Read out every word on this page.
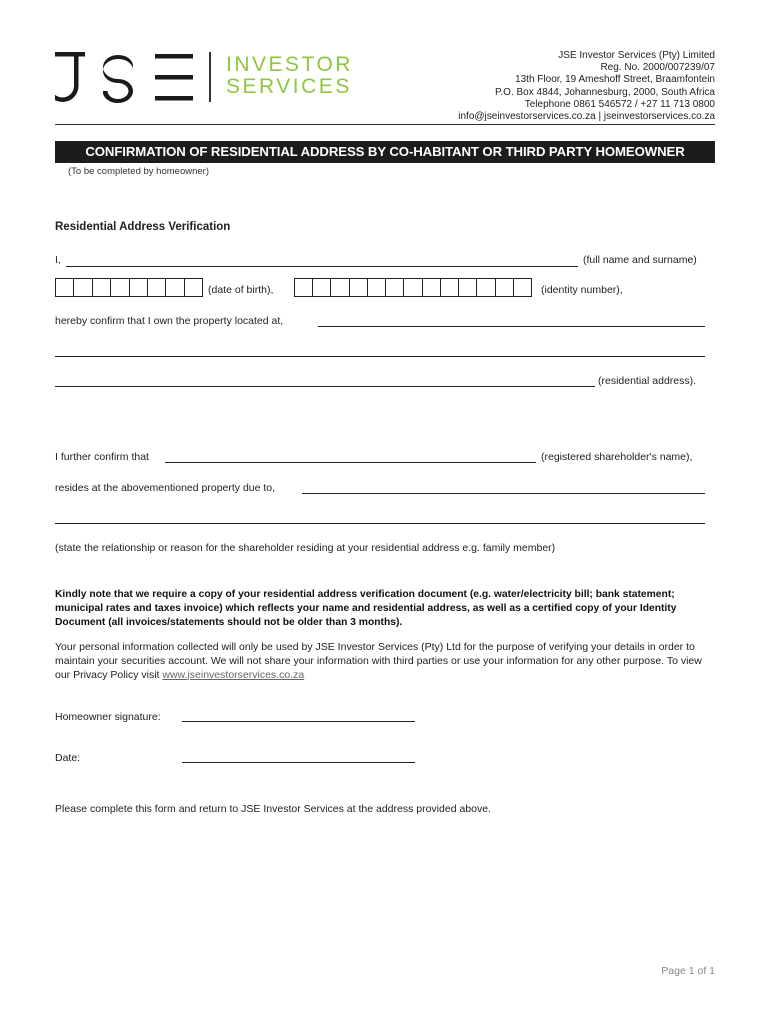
INVESTOR
SERVICES
JSE Investor Services (Pty) Limited
Reg. No. 2000/007239/07
13th Floor, 19 Ameshoff Street, Braamfontein
P.O. Box 4844, Johannesburg, 2000, South Africa
Telephone 0861 546572 / +27 11 713 0800
info@jseinvestorservices.co.za | jseinvestorservices.co.za
CONFIRMATION OF RESIDENTIAL ADDRESS BY CO-HABITANT OR THIRD PARTY HOMEOWNER
(To be completed by homeowner)
Residential Address Verification
I,	(full name and surname)
(date of birth),	(identity number),
hereby confirm that I own the property located at,
(residential address).
I further confirm that	(registered shareholder's name),
resides at the abovementioned property due to,
(state the relationship or reason for the shareholder residing at your residential address e.g. family member)
Kindly note that we require a copy of your residential address verification document (e.g. water/electricity bill; bank statement; municipal rates and taxes invoice) which reflects your name and residential address, as well as a certified copy of your Identity Document (all invoices/statements should not be older than 3 months).
Your personal information collected will only be used by JSE Investor Services (Pty) Ltd for the purpose of verifying your details in order to maintain your securities account. We will not share your information with third parties or use your information for any other purpose. To view our Privacy Policy visit www.jseinvestorservices.co.za
Homeowner signature:
Date:
Please complete this form and return to JSE Investor Services at the address provided above.
Page 1 of 1
